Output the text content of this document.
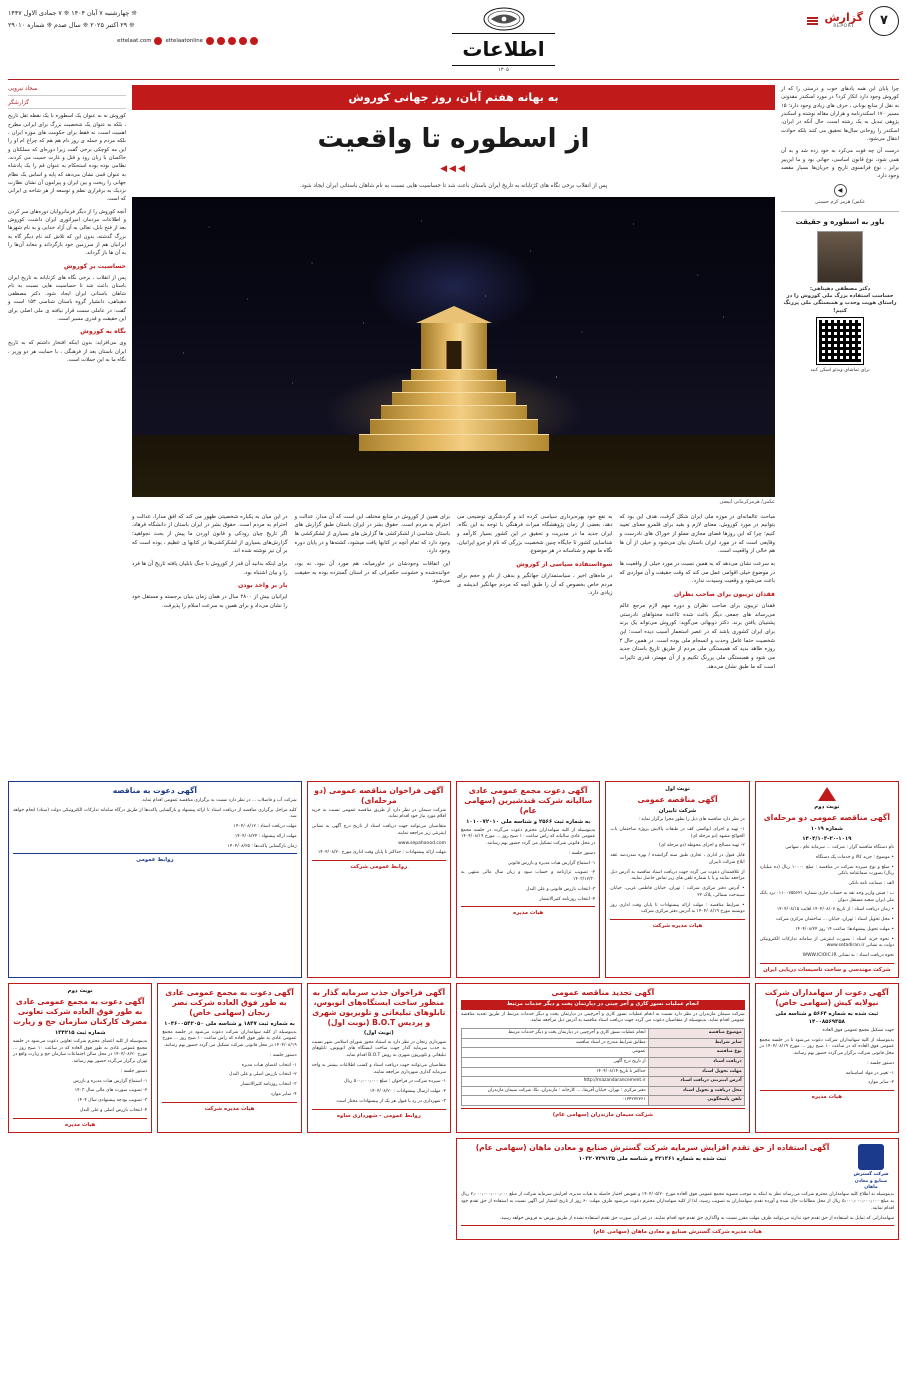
۷
گزارش
REPORT
اطلاعات
۱۳۰۵
❊ چهارشنبه ۷ آبان ۱۴۰۴ ❊ ۷ جمادی الاول ۱۴۴۷
❊ ۲۹ اکتبر ۲۰۲۵ ❊ سال صدم ❊ شماره ۲۹۰۱۰
ettelaatonline
ettelaat.com

چرا پایان این همه یادهای خوب و درستی را که از کوروش وجود دارد انکار کرد؟ در مورد اسکندر مقدونی به نقل از منابع یونانی ، حرف های زیادی وجود دارد؛ ۱۵ مسیر ۱۷۰ اسکندرنامه و هزاران مقاله نوشته و اسکندر پژوهی تبدیل به یک رشته است، حال آنکه در ایران، اسکندر را روحانی سال‌ها تحقیق می کنند بلکه حوادث انتقال می‌شود.

درست آن چه فوت می‌کرد به خود زده شد و به آن همی شود، نوع قانون اساسی، جهانی بود و ما این‌پیر برابر ، نوع فرانسوی تاریخ و جریان‌ها بسیار مقصد وجود دارد.

◀
عکس/ هرمز کرم حسینی
باور به اسطوره و حقیقت
دکتر مصطفی دهپناهی:
حساست استفاده بزرگ ملی کوروش را در راستای هویت وحدت و همبستگی ملی پررنگ کنیم!
برای تماشای ویدئو اسکن کنید
به بهانه هفتم آبان، روز جهانی کوروش
از اسطوره تا واقعیت
◀◀◀
پس از انقلاب برخی نگاه های کژتابانه به تاریخ ایران باستان باعث شد تا حساسیت هایی نسبت به نام شاهان باستانی ایران ایجاد شود.
عکس/ هرمزکرمانی ابیضی

مباحث عالمانه‌ای در موزه ملی ایران شکل گرفت، هدف این بود که بتوانیم در مورد کوروش، معنای لازم و بقید برای قلمرو معنای تعیید کنیم؛ چرا که این روزها فضای مجازی مملو از خوراک های نادرست و وقایعی است که در مورد ایران باستان بیان می‌شود و خیلی از آن ها هم خالی از واقعیت است.

به سرعت نشان می‌دهد که به همین نسبت در مورد خیلی از واقعیت ها در موضوع خیلی اقوامی عمل می کند که وقت حقیقت و آن مواردی که باعث می‌شود و وقعیت وسیدت ندارد.

فقدان تریبون برای صاحب نظران

فقدان تریبون برای صاحب نظران و دوره مهم لازم مرجع عالم می‌رساند های جمعی دیگر باعث شده تااعده محتواهای نادرستی پشتیبان یافتن برند. دکتر دوبهانی می‌گوید: کوروش می‌تواند یک برند برای ایران کشوری باشد که در عصر استعمار آسیب دیده است؛ این شخصیت حتما عامل وحدت و انسجام ملی بوده است. در همین حال ۲ روزه طاهد بدید که همبستگی ملی مردم از طریق تاریخ باستان جدید می شود و همبستگی ملی پررنگ تکنیم و از آن مهمتر، قدری تاثیرات است که ما طبق نشان می‌دهد.

به نفع خود بهره‌برداری سیاسی کرده اند و گردشگری توضیحی می دهد، بعضی از زمان پژوهشگاه میراث فرهنگی با توجه به این نگاه، ایران جدید ما در مدیریت و تحقیق در این کشور بسیار کارآمد و شناسایی کشور تا جایگاه چنین شخصیت بزرگی که نام او جزو ایرانیان، نگاه ما مهم و شناسانه در هر موضوع.

سوءاستفاده سیاسی از کوروش

در ماه‌های اخیر ، سیاستمداران جهانگیر و بدهی از نام و حجم برای مردم خاص بخصوص که آن را طبق آنچه که مردم جهانگیر اندیشه ی زیادی دارد.

برای همین از کوروش در منابع مختلف این است که آن مدار، عدالت و احترام به مردم است. حقوق بشر در ایران باستان طبق گزارش های باستان شناسی از لشکرکشی ها گزارش های بسیاری از لشکرکشی ها وجود دارد که تمام آنچه در کتابها یافت میشود، کشته‌ها و در پایان دوره وجود دارد.

این اتفاقات وجودشان در خاورمیانه، هم مورد آن نبود، نه بود، خوانده‌شده و خشونت حکمرانی که در استان گسترده بوده به حقیقت می‌شود.

در این میان به یکباره شخصیتی ظهور می کند که افق مدارا، عدالت و احترام به مردم است. حقوق بشر در ایران باستان از دانشگاه فرهاد، اگر تاریخ چیان رودکی و قانون اوردن ما پیش از بحث نجواهید؛ گزارش‌های بسیاری از لشکرکشی‌ها در کتابها ی عظیم ، بوده است که بر آن نیز نوشته شده اند.

برای اینکه بدانید آن قدر از کوروش با جنگ بابلیان یافته تاریخ آن ها فرد را و بیان اشتباه بود.

بار بر واحد بودن

ایرانیان بیش از ۲۸۰۰ سال در همان زمان بنیان برجسته و مستقل خود را نشان می‌داد و برای همین به سرعت اسلام را پذیرفت.

سجاد نیرویی
گزارشگر

کوروش نه به عنوان یک اسطوره با یک نقطه تقل تاریخ ، بلکه به عنوان یک شخصیت بزرگ برای ایرانی مطرح اهمیت است، نه فقط برای حکومت های موزه ایران ، بلکه مردم و جمله ی روز نام هم هم که چراغ ام او را این مه کوچکی برخی گفت زیرا دوره‌ای که مملکتان و خاکسان با زبان رود و قتل و غارت حمیت می کردند، نظامی بوده بوده استحکام به عنوان قم را یک پادشاه به عنوان قمی نشان می‌دهد که پایه و اساس یک نظام جهانی را ریخت و بین ایران و پیرامون آن نشان نظارت نزدیک به برقراری نظم و توسعه از هر شاخه ی ایرانی که است.

آنچه کوروش را از دیگر فرمانروایان دوره‌های سر کردن و اطلاعات مردمان امپراتوری ایران داشت، کوروش بعد از فتح بابل، تعالی به آن آزاد خدایی و به نام شهرها بزرگ گذشته، بدون این که تلاش کند نام دیگر گاه به ایرانیان هم از سرزمین خود بازگرداند و معابد آن‌ها را به آن ها باز گرداند.

حساسیت بر کوروش

پس از انقلاب ، برخی نگاه های کژتابانه به تاریخ ایران باستان باعث شد تا حساسیت هایی نسبت به نام شاهان باستانی ایران ایجاد شود. دکتر مصطفی دهپناهی، دانشیار گروه باستان شناسی ۱۵۳ است و گفت: در عاملی سمت قرار نیافته ی ملی اصلی برای این حقیقت و قدری مسیر است.

نگاه به کوروش

وی می‌افزاید: بدون اینکه افتخار داشتم که به تاریخ ایران باستان بعد از فرهنگی ، با حمایت هر دو وزیر ، نگاه ما به این جملات است.

نوبت دوم
آگهی مناقصه عمومی دو مرحله‌ای
شماره ۱۰۱۹
۱۴۰۴/۱۰۳-۲۰-۱۰۱۹

نام دستگاه مناقصه گزار : شرکت ... سرمایه عام ، سهامی

• موضوع : خرید کالا و خدمات یک دستگاه

• مبلغ و نوع سپرده شرکت در مناقصه : مبلغ ۱۰۰۰۰ ریال (ده میلیارد ریال) بصورت ضمانتنامه بانکی

الف : ضمانت نامه بانکی

ب : فیش واریز وجه نقد به حساب جاری شماره ۰۱۱۰۰۷۵۵۶۲۱ نزد بانک ملی ایران شعبه مستقل دیوان

• زمان دریافت اسناد : از تاریخ ۱۴۰۴/۰۸/۰۷ لغایت ۱۴۰۴/۰۸/۱۵

• محل تحویل اسناد : تهران، خیابان ... ساختمان مرکزی شرکت

• مهلت تحویل پیشنهادها: ساعت ۱۴ روز ۱۴۰۴/۰۸/۲۴

• نحوه خرید اسناد : بصورت اینترنتی از سامانه تدارکات الکترونیکی دولت به نشانی www.setadiran.ir

نحوه دریافت اسناد : به نشانی WWW.ICIOIC.IR

شرکت مهندسی و ساخت تاسیسات دریایی ایران
نوبت اول
آگهی مناقصه عمومی
شرکت تابیران

در نظر دارد مناقصه های ذیل را بطور مجزا برگزار نماید :

۱- تهیه و اجرای اپوکسی کف در طبقات پالایش پروژه ساختمان باب الحوائج مشهد (دو مرحله ای)

۲- تهیه مصالح و اجرای محوطه (دو مرحله ای)

قابل قبول در اداری ، تجاری طبق سنه گرانشده / بهره صدردصد عقد ابلاغ شرکت تابیران

از علاقمندان دعوت می گردد جهت دریافت اسناد مناقصه به آدرس ذیل مراجعه نمایند و یا با شماره تلفن های زیر تماس حاصل نمایند.

• آدرس دفتر مرکزی شرکت : تهران، خیابان فاطمی غربی، خیابان سیندخت شمالی، پلاک ۲۲

• شرایط مناقصه : مهلت ارائه پیشنهادات تا پایان وقت اداری روز دوشنبه مورخ ۱۴۰۴/۰۸/۱۹ به آدرس دفتر مرکزی شرکت

هیات مدیره شرکت
آگهی دعوت مجمع عمومی عادی سالیانه شرکت قندشیرین (سهامی عام)
به شماره ثبت ۲۵۶۶ و شناسه ملی ۱۰۱۰۰۷۲۰۱۰

بدینوسیله از کلیه سهامداران محترم دعوت می‌گردد در جلسه مجمع عمومی عادی سالیانه که راس ساعت ۱۰ صبح روز ... مورخ ۱۴۰۴/۰۸/۱۹ در محل قانونی شرکت تشکیل می گردد حضور بهم رسانند.

دستور جلسه :

۱- استماع گزارش هیات مدیره و بازرس قانونی

۲- تصویب ترازنامه و حساب سود و زیان سال مالی منتهی به ۱۴۰۳/۱۲/۳۰

۳- انتخاب بازرس قانونی و علی البدل

۴- انتخاب روزنامه کثیرالانتشار

هیات مدیره
آگهی فراخوان مناقصه عمومی (دو مرحله‌ای)

شرکت سیمان در نظر دارد از طریق مناقصه عمومی نسبت به خرید اقلام مورد نیاز خود اقدام نماید.

متقاضیان می‌توانند جهت دریافت اسناد از تاریخ درج آگهی به نشانی اینترنتی زیر مراجعه نمایند.

www.sepahanod.com

مهلت ارائه پیشنهادات : حداکثر تا پایان وقت اداری مورخ ۱۴۰۴/۰۸/۲۰

روابط عمومی شرکت
آگهی دعوت به مناقصه

شرکت آب و فاضلاب ... در نظر دارد نسبت به برگزاری مناقصه عمومی اقدام نماید.

کلیه مراحل برگزاری مناقصه از دریافت اسناد تا ارائه پیشنهاد و بازگشایی پاکت‌ها از طریق درگاه سامانه تدارکات الکترونیکی دولت (ستاد) انجام خواهد شد.

مهلت دریافت اسناد : ۱۴۰۴/۰۸/۱۲

مهلت ارائه پیشنهاد : ۱۴۰۴/۰۸/۲۴

زمان بازگشایی پاکت‌ها : ۱۴۰۴/۰۸/۲۵

روابط عمومی
آگهی دعوت از سهامداران شرکت نیولایه کیش (سهامی خاص)
ثبت شده به شماره ۵۶۶۴ و شناسه ملی ۱۴۰۰۸۵۶۹۳۵۸

جهت تشکیل مجمع عمومی فوق العاده

بدینوسیله از کلیه سهامداران شرکت دعوت می‌شود تا در جلسه مجمع عمومی فوق العاده که در ساعت ۱۰ صبح روز ... مورخ ۱۴۰۴/۰۸/۱۹ در محل قانونی شرکت برگزار می‌گردد حضور بهم رسانند.

دستور جلسه :

۱- تغییر در مواد اساسنامه

۲- سایر موارد

هیات مدیره
آگهی تجدید مناقصه عمومی
انجام عملیات نسوز کاری و آجر چینی در دپارتمان پخت و دیگر خدمات مرتبط

شرکت سیمان مازندران در نظر دارد نسبت به انجام عملیات نسوز کاری و آجرچینی در دپارتمان پخت و دیگر خدمات مرتبط از طریق تجدید مناقصه عمومی اقدام نماید. بدینوسیله از متقاضیان دعوت می گردد جهت دریافت اسناد مناقصه به آدرس ذیل مراجعه نمایند.

موضوع مناقصه	انجام عملیات نسوز کاری و آجرچینی در دپارتمان پخت و دیگر خدمات مرتبط
سایر شرایط	مطابق شرایط مندرج در اسناد مناقصه
نوع مناقصه	عمومی
دریافت اسناد	از تاریخ درج آگهی
مهلت تحویل اسناد	حداکثر تا تاریخ ۱۴۰۴/۰۸/۱۴
آدرس اینترنتی دریافت اسناد	http://mazandarancement.ir
محل دریافت و تحویل اسناد	دفتر مرکزی : تهران، خیابان آفریقا، ... کارخانه : مازندران، نکا، شرکت سیمان مازندران
تلفن پاسخگویی	۰۱۳۴۲۷۲۷۶۱
شرکت سیمان مازندران (سهامی عام)
آگهی فراخوان جذب سرمایه گذار به منظور ساخت ایستگاه‌های اتوبوس، تابلوهای تبلیغاتی و تلویزیون شهری و پردیس B.O.T (نوبت اول)
(نوبت اول)

شهرداری زنجان در نظر دارد به استناد مجوز شورای اسلامی شهر نسبت به جذب سرمایه گذار جهت ساخت ایستگاه های اتوبوس، تابلوهای تبلیغاتی و تلویزیون شهری به روش B.O.T اقدام نماید.

متقاضیان می‌توانند جهت دریافت اسناد و کسب اطلاعات بیشتر به واحد سرمایه گذاری شهرداری مراجعه نمایند.

۱- سپرده شرکت در فراخوان : مبلغ ۵۰۰٫۰۰۰٫۰۰۰ ریال

۲- مهلت ارسال پیشنهادات : ۱۴۰۴/۰۸/۲۰

۳- شهرداری در رد یا قبول هر یک از پیشنهادات مختار است.

روابط عمومی - شهرداری ساوه
آگهی دعوت به مجمع عمومی عادی به طور فوق العاده شرکت نصر زنجان (سهامی خاص)
به شماره ثبت ۱۸۴۷ و شناسه ملی ۱۰۴۶۰۰۵۴۲۰۵۰

بدینوسیله از کلیه سهامداران شرکت دعوت می‌شود در جلسه مجمع عمومی عادی به طور فوق العاده که راس ساعت ۱۰ صبح روز ... مورخ ۱۴۰۴/۰۸/۱۹ در محل قانونی شرکت تشکیل می گردد حضور بهم رسانند.

دستور جلسه :

۱- انتخاب اعضای هیات مدیره

۲- انتخاب بازرس اصلی و علی البدل

۳- انتخاب روزنامه کثیرالانتشار

۴- سایر موارد

هیات مدیره شرکت
نوبت دوم
آگهی دعوت به مجمع عمومی عادی به طور فوق العاده شرکت تعاونی مصرف کارکنان سازمان حج و زیارت
شماره ثبت ۱۳۴۲۱۵

بدینوسیله از کلیه اعضای محترم شرکت تعاونی دعوت می‌شود در جلسه مجمع عمومی عادی به طور فوق العاده که در ساعت ۱۰ صبح روز ... مورخ ۱۴۰۴/۰۸/۲۰ در محل سالن اجتماعات سازمان حج و زیارت واقع در تهران برگزار می‌گردد حضور بهم رسانند.

دستور جلسه :

۱- استماع گزارش هیات مدیره و بازرس

۲- تصویب صورت های مالی سال ۱۴۰۳

۳- تصویب بودجه پیشنهادی سال ۱۴۰۴

۴- انتخاب بازرس اصلی و علی البدل

هیات مدیره
شرکت گسترش صنایع و معادن ماهان
آگهی استفاده از حق تقدم افزایش سرمایه شرکت گسترش صنایع و معادن ماهان (سهامی عام)
ثبت شده به شماره ۴۲۱۳۶۱ و شناسه ملی ۱۰۳۲۰۷۲۹۱۳۵

بدینوسیله به اطلاع کلیه سهامداران محترم شرکت می‌رساند نظر به اینکه به موجب مصوبه مجمع عمومی فوق العاده مورخ ۱۴۰۴/۰۵/۲۰ و تفویض اختیار حاصله به هیات مدیره، افزایش سرمایه شرکت از مبلغ ۲٫۰۰۰٫۰۰۰٫۰۰۰٫۰۰۰ ریال به مبلغ ۵٫۰۰۰٫۰۰۰٫۰۰۰٫۰۰۰ ریال از محل مطالبات حال شده و آورده نقدی سهامداران به تصویب رسید، لذا از کلیه سهامداران محترم دعوت می‌شود ظرف مهلت ۶۰ روز از تاریخ انتشار این آگهی نسبت به استفاده از حق تقدم خود اقدام نمایند.

سهامدارانی که تمایل به استفاده از حق تقدم خود ندارند می‌توانند ظرف مهلت مقرر نسبت به واگذاری حق تقدم خود اقدام نمایند. در غیر این صورت حق تقدم استفاده نشده از طریق بورس به فروش خواهد رسید.

هیات مدیره شرکت گسترش صنایع و معادن ماهان (سهامی عام)
